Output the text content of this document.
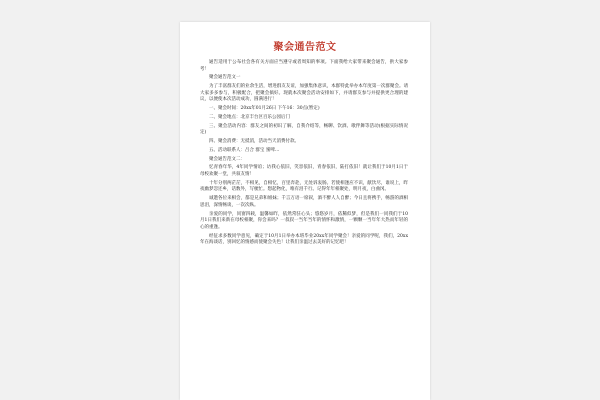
聚会通告范文

通告适用于公布社会各有关方面应当遵守或者周知的事项。下面我给大家带来聚会通告，供大家参考！

聚会通告范文一

为了丰富群友们的业余生活，增进群友友谊，加强集体意识，本群特此举办本年度第一次群聚会。请大家多多参与，积极配合，把聚会搞好。现就本次聚会活动安排如下，并请群友参与并提供更合理的建议，以便使本次活动成功，圆满进行！

一、聚会时间：20xx年01月26日 下午16：30点(暂定)

二、聚会地点：北京丰台区百乐公园后门

三、聚会活动内容：群友之间的初识了解，自我介绍等，畅聊、饮酒、歌伴舞等活动(根据实际情况定)

四、聚会消费：无抵消，活动当天消费付款。

五、活动联系人：吕合 群宝 蜜啤…

聚会通告范文二：

忆青春年华，4年同学情谊；访我心依旧，笑容依旧，青春依旧，陆打依旧！就让我们于10月1日于母校欢聚一堂，共叙友情！

十年分别两茫茫，不相见，自相忆，百里奔赴，无处诉衷肠。若使相逢应不识，献饮尽，谁说上，昨夜幽梦忽还乡，话数外，写梳忙。想起物化，唯有泪千行。记得年年相聚处，明月夜，白曲冈。

诚邀各位来相会，都是兄弟和姐妹；千言万语一席叙，酒不醉人人自醉；今日且将携手，畅游的酒相思泪，深情畅谈，一次次纵。

亲爱的同学，同窗四载，温馨如昨，依然常驻心头；悠悠岁月，依稀似梦，但是我们一同我们于10月1日我们来新在母校相聚，你会来吗？一叔叔一当年当年的情怀和激情，一颗颗一当年年大热而年轻的心的重逢。

经征求多数同学意见，确定于10月1日举办本班毕业20xx年同学聚会！亲爱的同学呢，我们，20xx年在海谈话，别回忆的情感而使聚会失色！让我们亲温过去美好的记忆吧！
